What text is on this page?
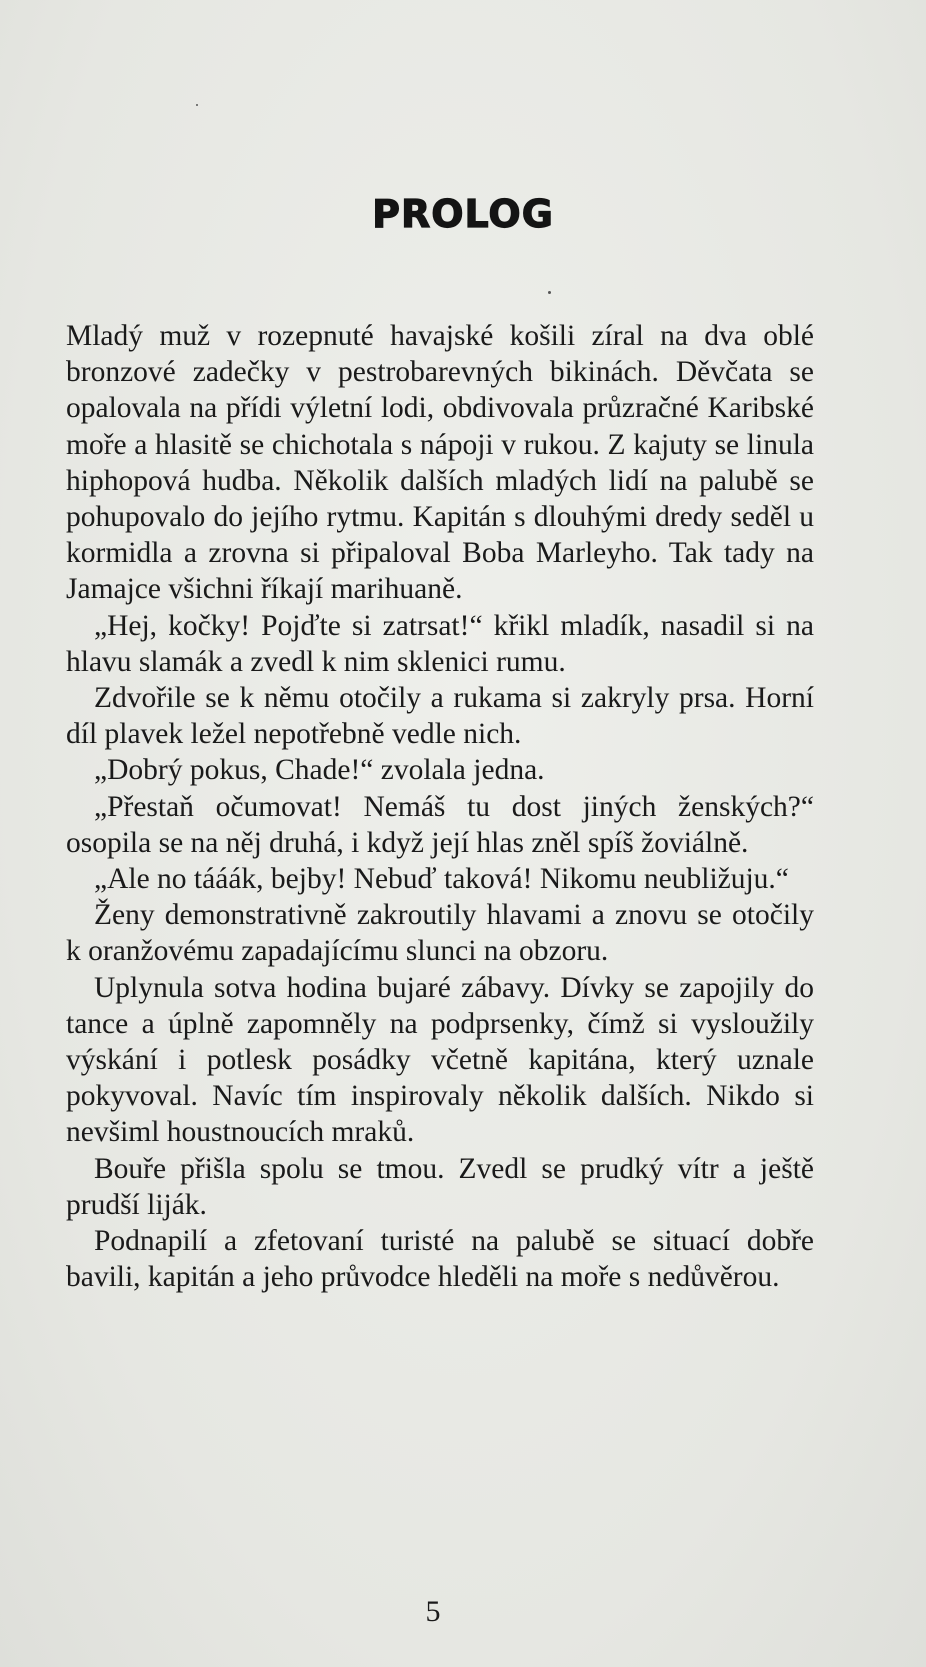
PROLOG

Mladý muž v rozepnuté havajské košili zíral na dva oblé bronzové zadečky v pestrobarevných bikinách. Děvčata se opalovala na přídi výletní lodi, obdivovala průzračné Karibské moře a hlasitě se chichotala s nápoji v rukou. Z kajuty se linula hiphopová hudba. Několik dalších mladých lidí na palubě se pohupovalo do jejího rytmu. Kapitán s dlouhými dredy seděl u kormidla a zrovna si připaloval Boba Marleyho. Tak tady na Jamajce všichni říkají marihuaně.

„Hej, kočky! Pojďte si zatrsat!“ křikl mladík, nasadil si na hlavu slamák a zvedl k nim sklenici rumu.

Zdvořile se k němu otočily a rukama si zakryly prsa. Horní díl plavek ležel nepotřebně vedle nich.

„Dobrý pokus, Chade!“ zvolala jedna.

„Přestaň očumovat! Nemáš tu dost jiných ženských?“ osopila se na něj druhá, i když její hlas zněl spíš žoviálně.

„Ale no tááák, bejby! Nebuď taková! Nikomu neubližuju.“

Ženy demonstrativně zakroutily hlavami a znovu se otočily k oranžovému zapadajícímu slunci na obzoru.

Uplynula sotva hodina bujaré zábavy. Dívky se zapojily do tance a úplně zapomněly na podprsenky, čímž si vysloužily výskání i potlesk posádky včetně kapitána, který uznale pokyvoval. Navíc tím inspirovaly několik dalších. Nikdo si nevšiml houstnoucích mraků.

Bouře přišla spolu se tmou. Zvedl se prudký vítr a ještě prudší liják.

Podnapilí a zfetovaní turisté na palubě se situací dobře bavili, kapitán a jeho průvodce hleděli na moře s nedůvěrou.

5
